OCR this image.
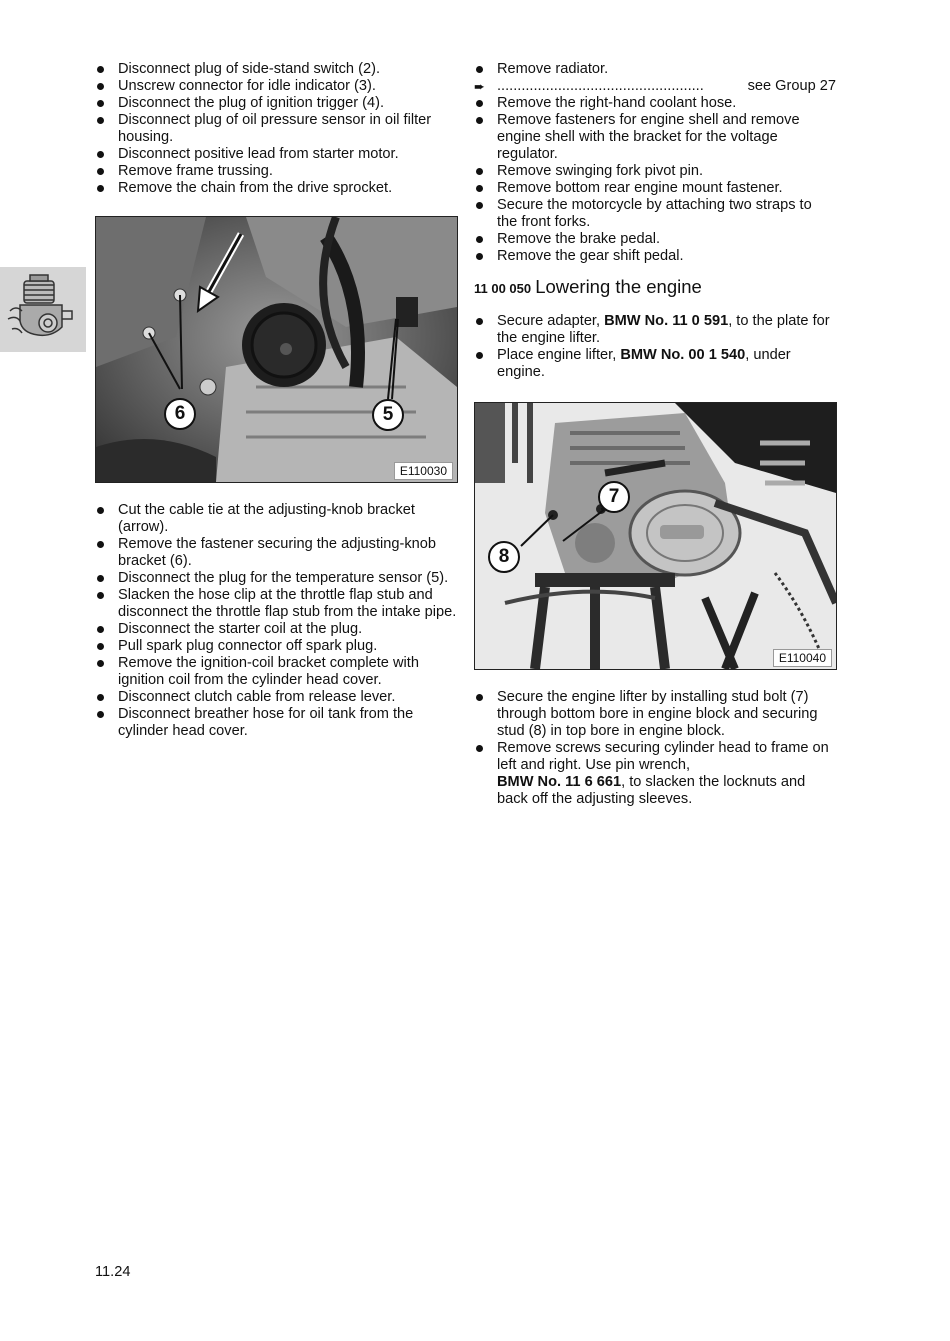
Disconnect plug of side-stand switch (2).
Unscrew connector for idle indicator (3).
Disconnect the plug of ignition trigger (4).
Disconnect plug of oil pressure sensor in oil filter housing.
Disconnect positive lead from starter motor.
Remove frame trussing.
Remove the chain from the drive sprocket.
6	5
E110030
Cut the cable tie at the adjusting-knob bracket (arrow).
Remove the fastener securing the adjusting-knob bracket (6).
Disconnect the plug for the temperature sensor (5).
Slacken the hose clip at the throttle flap stub and disconnect the throttle flap stub from the intake pipe.
Disconnect the starter coil at the plug.
Pull spark plug connector off spark plug.
Remove the ignition-coil bracket complete with ignition coil from the cylinder head cover.
Disconnect clutch cable from release lever.
Disconnect breather hose for oil tank from the cylinder head cover.
Remove radiator.
➨ ...................................................	see Group 27
Remove the right-hand coolant hose.
Remove fasteners for engine shell and remove engine shell with the bracket for the voltage regulator.
Remove swinging fork pivot pin.
Remove bottom rear engine mount fastener.
Secure the motorcycle by attaching two straps to the front forks.
Remove the brake pedal.
Remove the gear shift pedal.
11 00 050 Lowering the engine
Secure adapter, BMW No. 11 0 591, to the plate for the engine lifter.
Place engine lifter, BMW No. 00 1 540, under engine.
7
8
E110040
Secure the engine lifter by installing stud bolt (7) through bottom bore in engine block and securing stud (8) in top bore in engine block.
Remove screws securing cylinder head to frame on left and right. Use pin wrench,
BMW No. 11 6 661, to slacken the locknuts and back off the adjusting sleeves.
11.24
